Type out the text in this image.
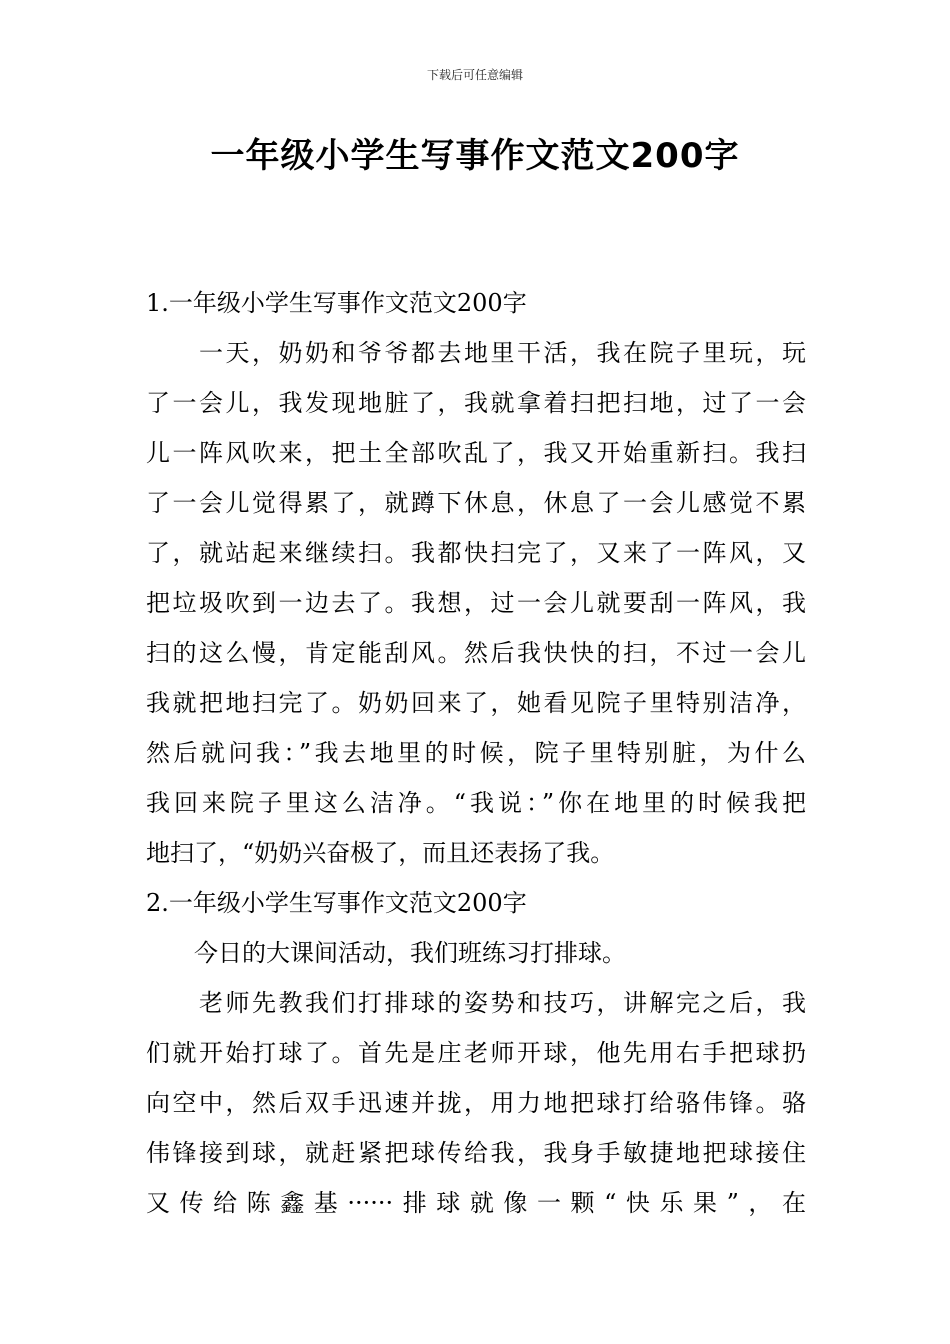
下载后可任意编辑
一年级小学生写事作文范文200字

1.一年级小学生写事作文范文200字

　　一天，奶奶和爷爷都去地里干活，我在院子里玩，玩

了一会儿，我发现地脏了，我就拿着扫把扫地，过了一会

儿一阵风吹来，把土全部吹乱了，我又开始重新扫。我扫

了一会儿觉得累了，就蹲下休息，休息了一会儿感觉不累

了，就站起来继续扫。我都快扫完了，又来了一阵风，又

把垃圾吹到一边去了。我想，过一会儿就要刮一阵风，我

扫的这么慢，肯定能刮风。然后我快快的扫，不过一会儿

我就把地扫完了。奶奶回来了，她看见院子里特别洁净，

然后就问我：”我去地里的时候，院子里特别脏，为什么

我回来院子里这么洁净。“我说：”你在地里的时候我把

地扫了，“奶奶兴奋极了，而且还表扬了我。

2.一年级小学生写事作文范文200字

　　今日的大课间活动，我们班练习打排球。

　　老师先教我们打排球的姿势和技巧，讲解完之后，我

们就开始打球了。首先是庄老师开球，他先用右手把球扔

向空中，然后双手迅速并拢，用力地把球打给骆伟锋。骆

伟锋接到球，就赶紧把球传给我，我身手敏捷地把球接住

又传给陈鑫基······排球就像一颗“快乐果”，在
